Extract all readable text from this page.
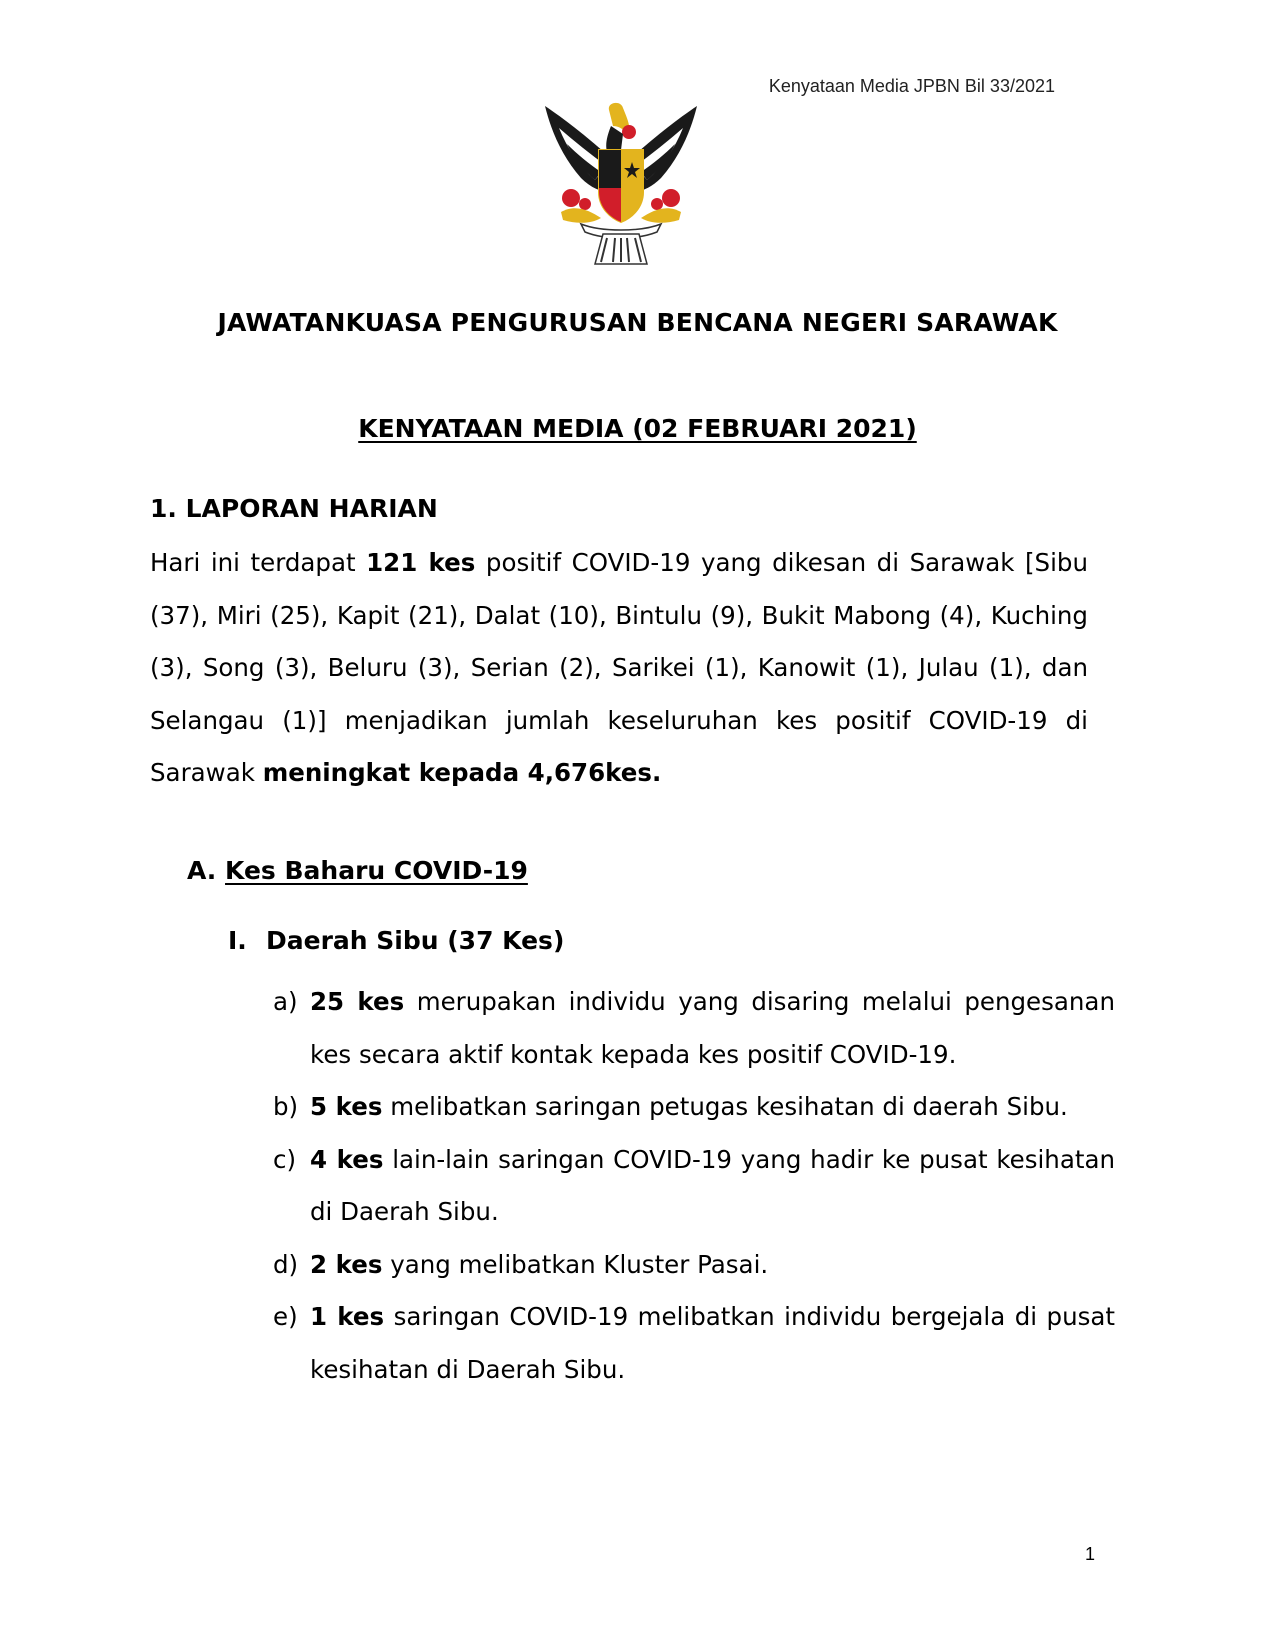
Kenyataan Media JPBN Bil 33/2021
JAWATANKUASA PENGURUSAN BENCANA NEGERI SARAWAK
KENYATAAN MEDIA (02 FEBRUARI 2021)
1. LAPORAN HARIAN
Hari ini terdapat 121 kes positif COVID-19 yang dikesan di Sarawak [Sibu (37), Miri (25), Kapit (21), Dalat (10), Bintulu (9), Bukit Mabong (4), Kuching (3), Song (3), Beluru (3), Serian (2), Sarikei (1), Kanowit (1), Julau (1), dan Selangau (1)] menjadikan jumlah keseluruhan kes positif COVID-19 di Sarawak meningkat kepada 4,676kes.
A. Kes Baharu COVID-19
I. Daerah Sibu (37 Kes)
a) 25 kes merupakan individu yang disaring melalui pengesanan kes secara aktif kontak kepada kes positif COVID-19.
b) 5 kes melibatkan saringan petugas kesihatan di daerah Sibu.
c) 4 kes lain-lain saringan COVID-19 yang hadir ke pusat kesihatan di Daerah Sibu.
d) 2 kes yang melibatkan Kluster Pasai.
e) 1 kes saringan COVID-19 melibatkan individu bergejala di pusat kesihatan di Daerah Sibu.
1
